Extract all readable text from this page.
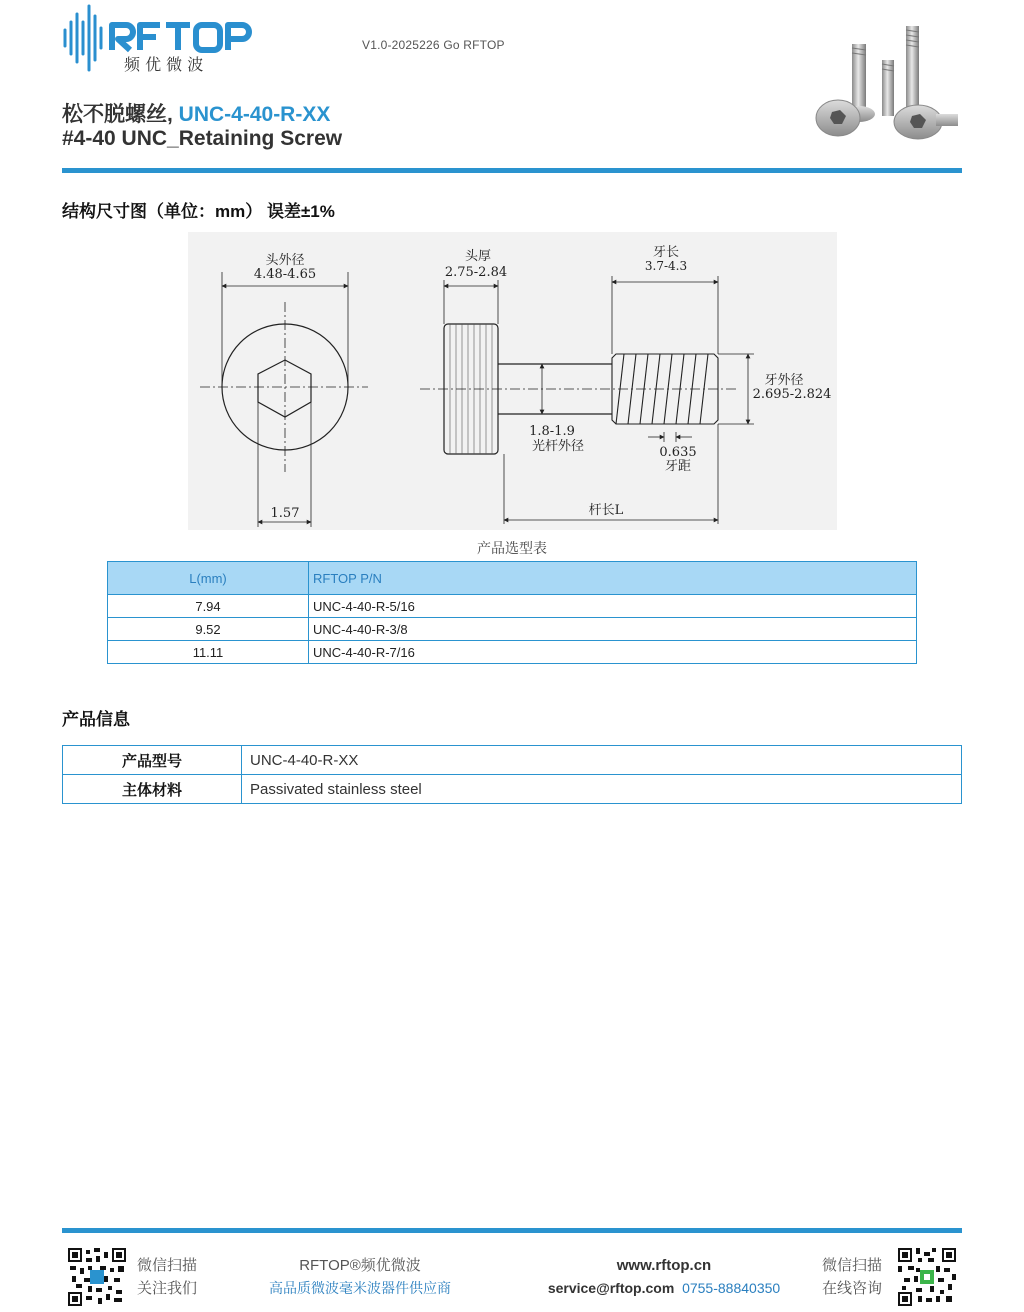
频 优 微 波
V1.0-2025226 Go RFTOP
松不脱螺丝, UNC-4-40-R-XX
#4-40 UNC_Retaining Screw
结构尺寸图（单位：mm） 误差±1%
头外径
4.48-4.65
1.57
头厚
2.75-2.84
牙长
3.7-4.3
牙外径
2.695-2.824
1.8-1.9
光杆外径	0.635
牙距
杆长L
产品选型表
L(mm)	RFTOP P/N
7.94	UNC-4-40-R-5/16
9.52	UNC-4-40-R-3/8
11.11	UNC-4-40-R-7/16
产品信息
产品型号	UNC-4-40-R-XX
主体材料	Passivated stainless steel
微信扫描
关注我们
RFTOP®频优微波
高品质微波毫米波器件供应商
www.rftop.cn
service@rftop.com 0755-88840350
微信扫描
在线咨询
